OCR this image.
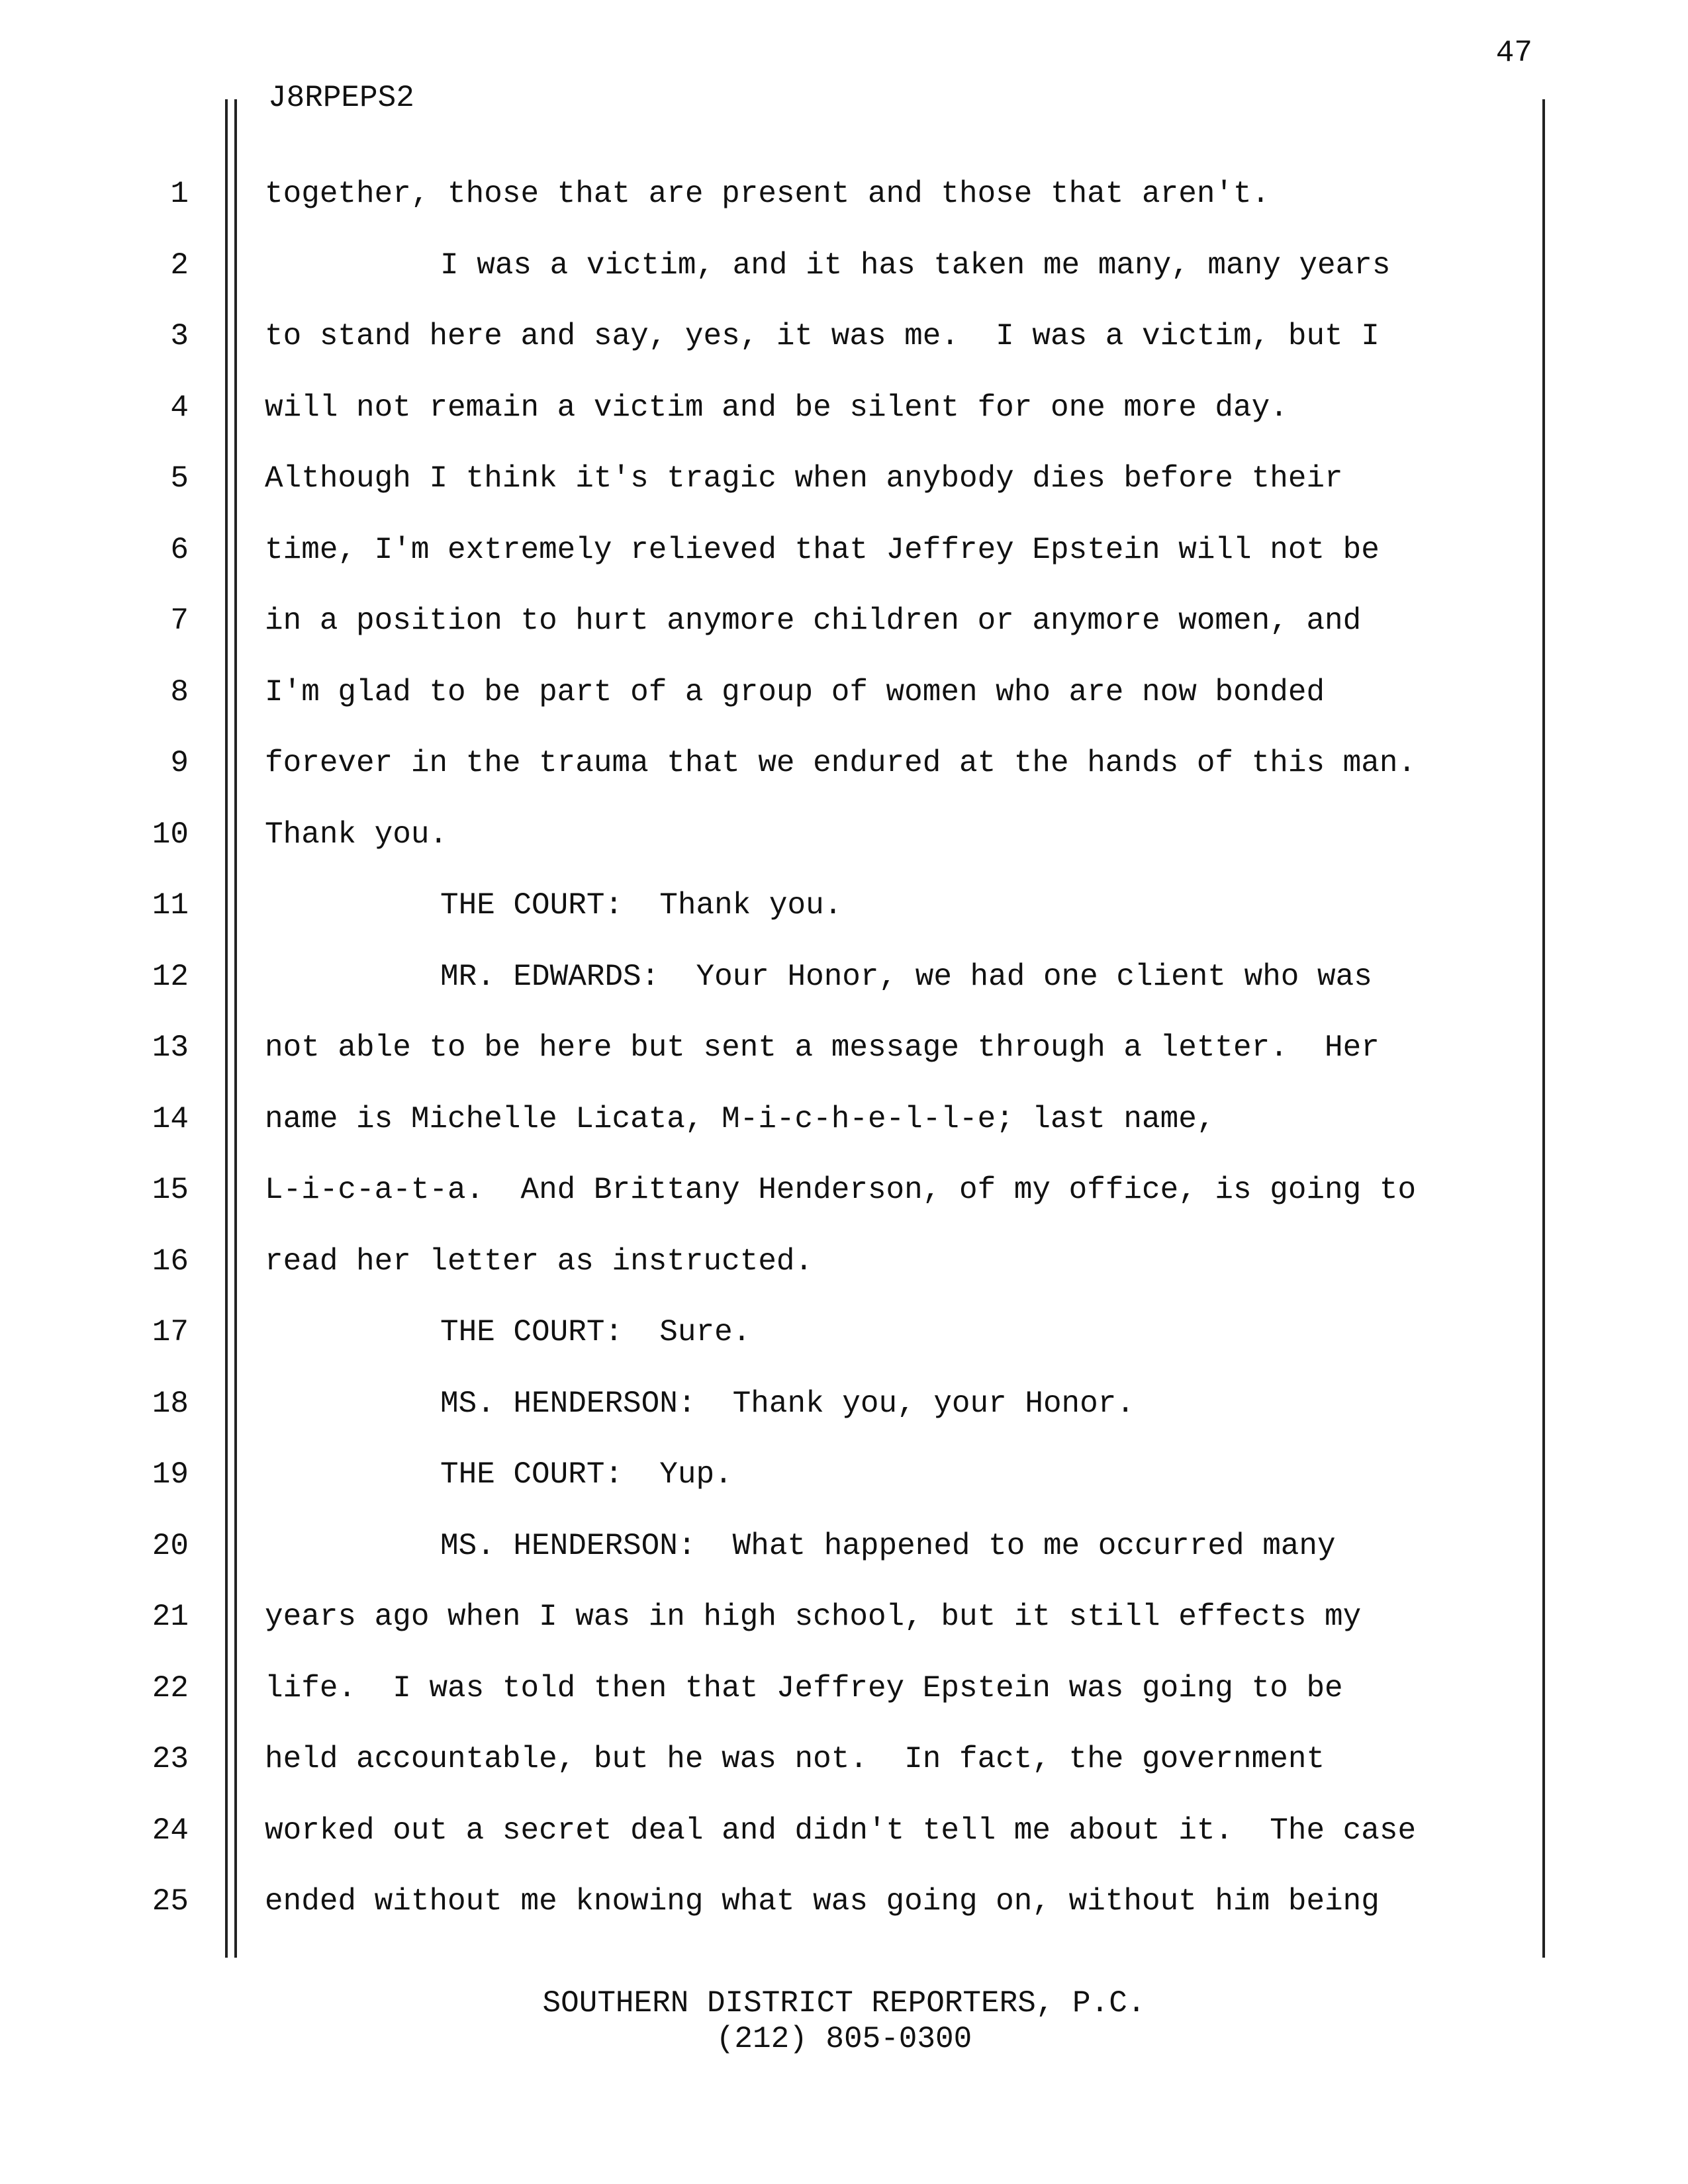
47
J8RPEPS2
1	together, those that are present and those that aren't.
2	I was a victim, and it has taken me many, many years
3	to stand here and say, yes, it was me.  I was a victim, but I
4	will not remain a victim and be silent for one more day.
5	Although I think it's tragic when anybody dies before their
6	time, I'm extremely relieved that Jeffrey Epstein will not be
7	in a position to hurt anymore children or anymore women, and
8	I'm glad to be part of a group of women who are now bonded
9	forever in the trauma that we endured at the hands of this man.
10	Thank you.
11	THE COURT:  Thank you.
12	MR. EDWARDS:  Your Honor, we had one client who was
13	not able to be here but sent a message through a letter.  Her
14	name is Michelle Licata, M-i-c-h-e-l-l-e; last name,
15	L-i-c-a-t-a.  And Brittany Henderson, of my office, is going to
16	read her letter as instructed.
17	THE COURT:  Sure.
18	MS. HENDERSON:  Thank you, your Honor.
19	THE COURT:  Yup.
20	MS. HENDERSON:  What happened to me occurred many
21	years ago when I was in high school, but it still effects my
22	life.  I was told then that Jeffrey Epstein was going to be
23	held accountable, but he was not.  In fact, the government
24	worked out a secret deal and didn't tell me about it.  The case
25	ended without me knowing what was going on, without him being
SOUTHERN DISTRICT REPORTERS, P.C.
(212) 805-0300
